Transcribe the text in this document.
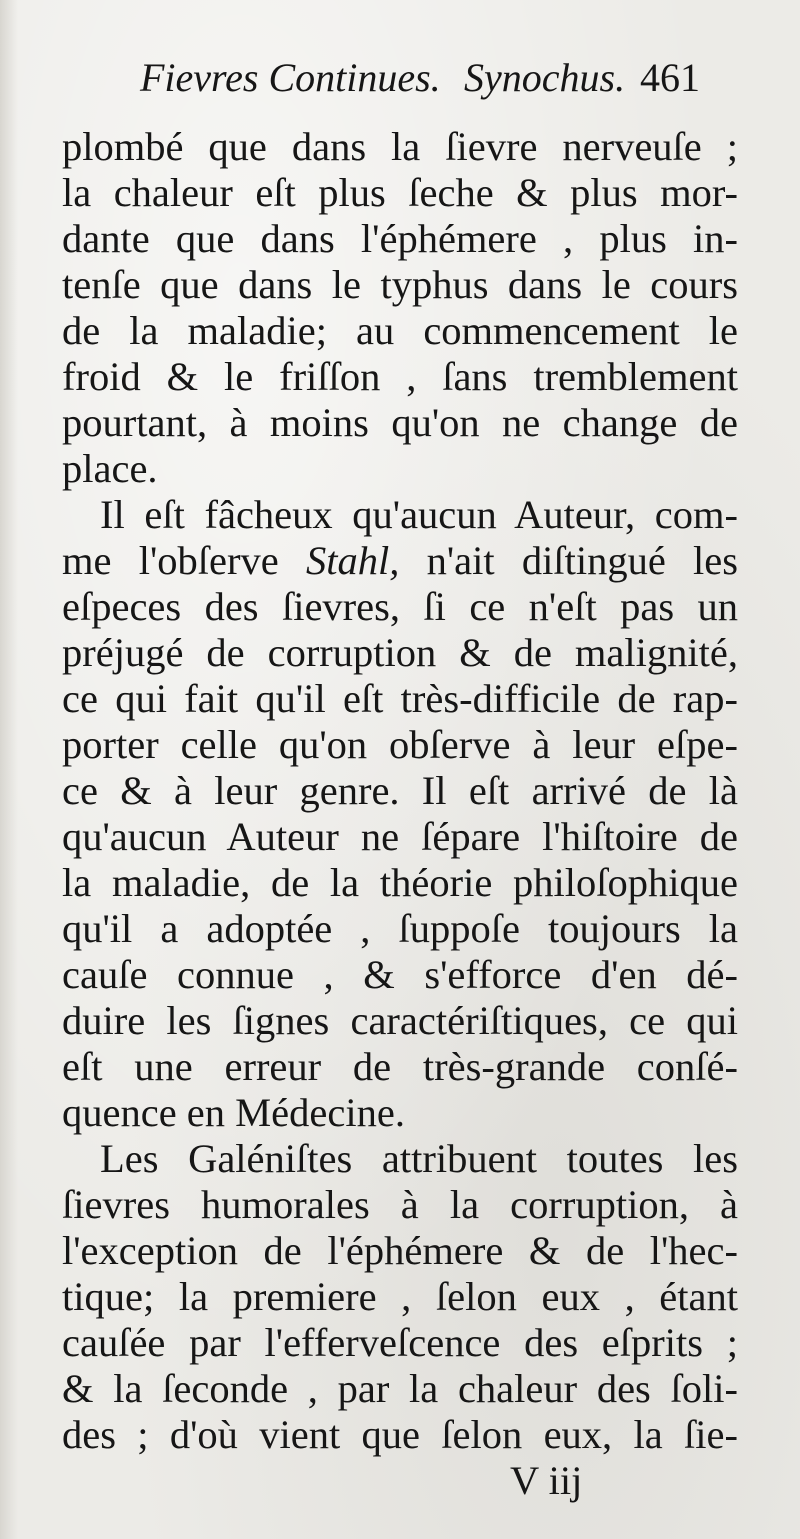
Fievres Continues. Synochus. 461
plombé que dans la ſievre nerveuſe ;
la chaleur eſt plus ſeche & plus mor-
dante que dans l'éphémere , plus in-
tenſe que dans le typhus dans le cours
de la maladie; au commencement le
froid & le friſſon , ſans tremblement
pourtant, à moins qu'on ne change de
place.
Il eſt fâcheux qu'aucun Auteur, com-
me l'obſerve Stahl, n'ait diſtingué les
eſpeces des ſievres, ſi ce n'eſt pas un
préjugé de corruption & de malignité,
ce qui fait qu'il eſt très-difficile de rap-
porter celle qu'on obſerve à leur eſpe-
ce & à leur genre. Il eſt arrivé de là
qu'aucun Auteur ne ſépare l'hiſtoire de
la maladie, de la théorie philoſophique
qu'il a adoptée , ſuppoſe toujours la
cauſe connue , & s'efforce d'en dé-
duire les ſignes caractériſtiques, ce qui
eſt une erreur de très-grande conſé-
quence en Médecine.
Les Galéniſtes attribuent toutes les
ſievres humorales à la corruption, à
l'exception de l'éphémere & de l'hec-
tique; la premiere , ſelon eux , étant
cauſée par l'efferveſcence des eſprits ;
& la ſeconde , par la chaleur des ſoli-
des ; d'où vient que ſelon eux, la ſie-
V iij
